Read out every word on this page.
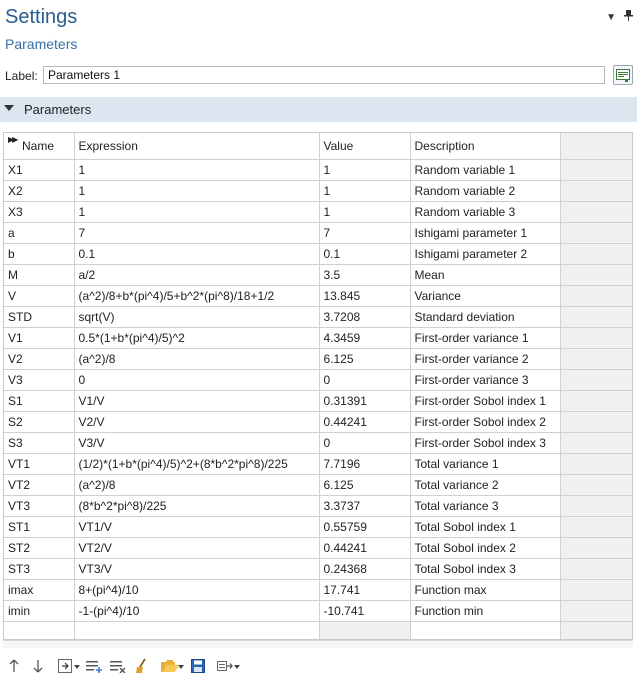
Settings
Parameters
▼
Label:
Parameters 1
Parameters
▶▶ Name	Expression	Value	Description	
X1	1	1	Random variable 1	
X2	1	1	Random variable 2	
X3	1	1	Random variable 3	
a	7	7	Ishigami parameter 1	
b	0.1	0.1	Ishigami parameter 2	
M	a/2	3.5	Mean	
V	(a^2)/8+b*(pi^4)/5+b^2*(pi^8)/18+1/2	13.845	Variance	
STD	sqrt(V)	3.7208	Standard deviation	
V1	0.5*(1+b*(pi^4)/5)^2	4.3459	First-order variance 1	
V2	(a^2)/8	6.125	First-order variance 2	
V3	0	0	First-order variance 3	
S1	V1/V	0.31391	First-order Sobol index 1	
S2	V2/V	0.44241	First-order Sobol index 2	
S3	V3/V	0	First-order Sobol index 3	
VT1	(1/2)*(1+b*(pi^4)/5)^2+(8*b^2*pi^8)/225	7.7196	Total variance 1	
VT2	(a^2)/8	6.125	Total variance 2	
VT3	(8*b^2*pi^8)/225	3.3737	Total variance 3	
ST1	VT1/V	0.55759	Total Sobol index 1	
ST2	VT2/V	0.44241	Total Sobol index 2	
ST3	VT3/V	0.24368	Total Sobol index 3	
imax	8+(pi^4)/10	17.741	Function max	
imin	-1-(pi^4)/10	-10.741	Function min	
